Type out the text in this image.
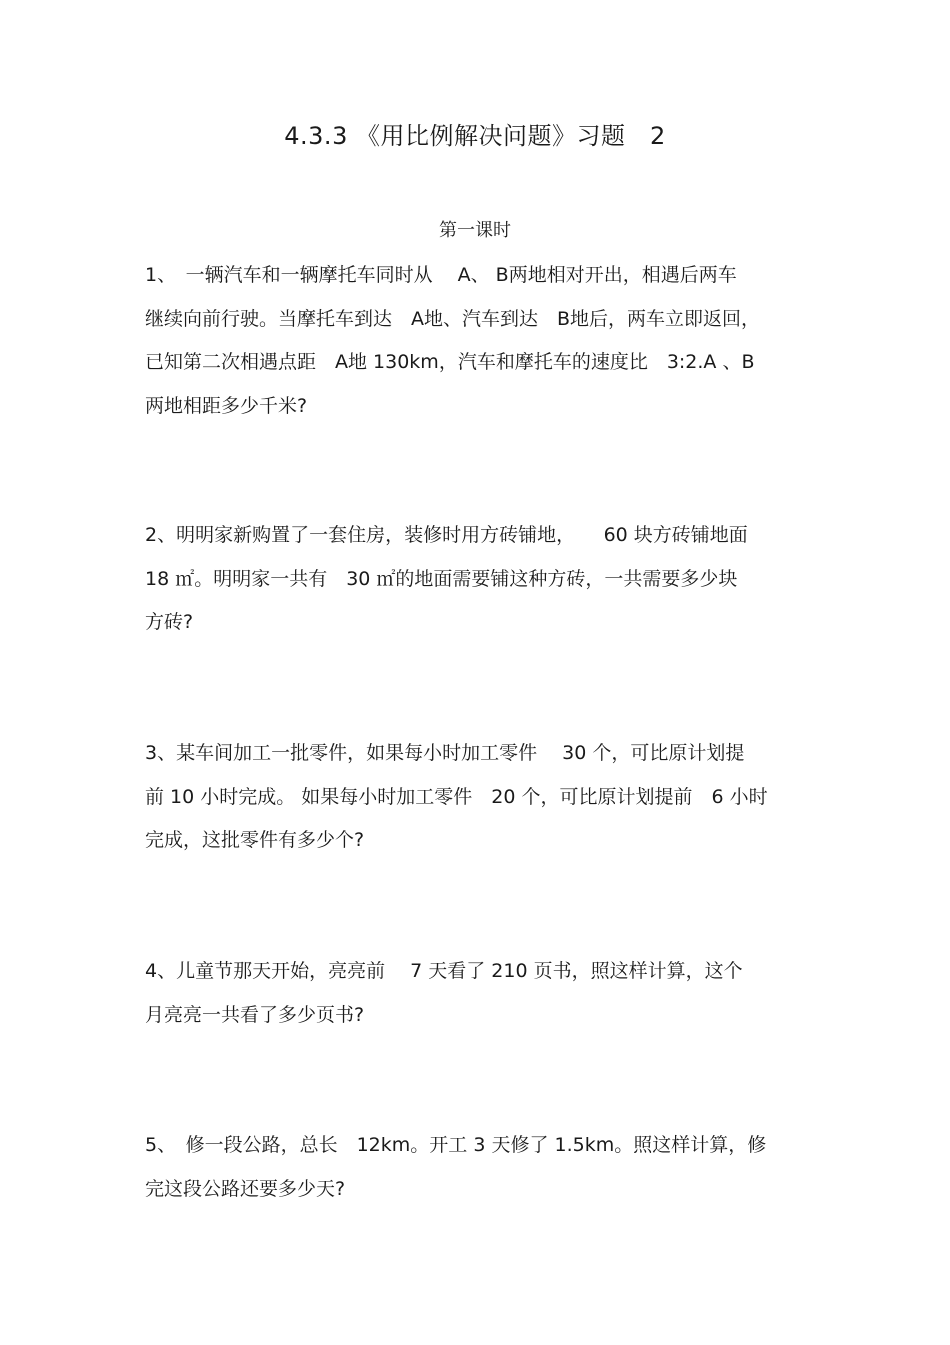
4.3.3 《用比例解决问题》习题　2

第一课时

1、　一辆汽车和一辆摩托车同时从　 A、 B两地相对开出，相遇后两车
继续向前行驶。当摩托车到达　A地、汽车到达　B地后，两车立即返回，
已知第二次相遇点距　A地 130km，汽车和摩托车的速度比　3:2.A 、B
两地相距多少千米?
2、明明家新购置了一套住房，装修时用方砖铺地，　　60 块方砖铺地面
18 ㎡。明明家一共有　30 ㎡的地面需要铺这种方砖，一共需要多少块
方砖?
3、某车间加工一批零件，如果每小时加工零件　 30 个，可比原计划提
前 10 小时完成。 如果每小时加工零件　20 个，可比原计划提前　6 小时
完成，这批零件有多少个?
4、儿童节那天开始，亮亮前　 7 天看了 210 页书，照这样计算，这个
月亮亮一共看了多少页书?
5、　修一段公路，总长　12km。开工 3 天修了 1.5km。照这样计算，修
完这段公路还要多少天?
